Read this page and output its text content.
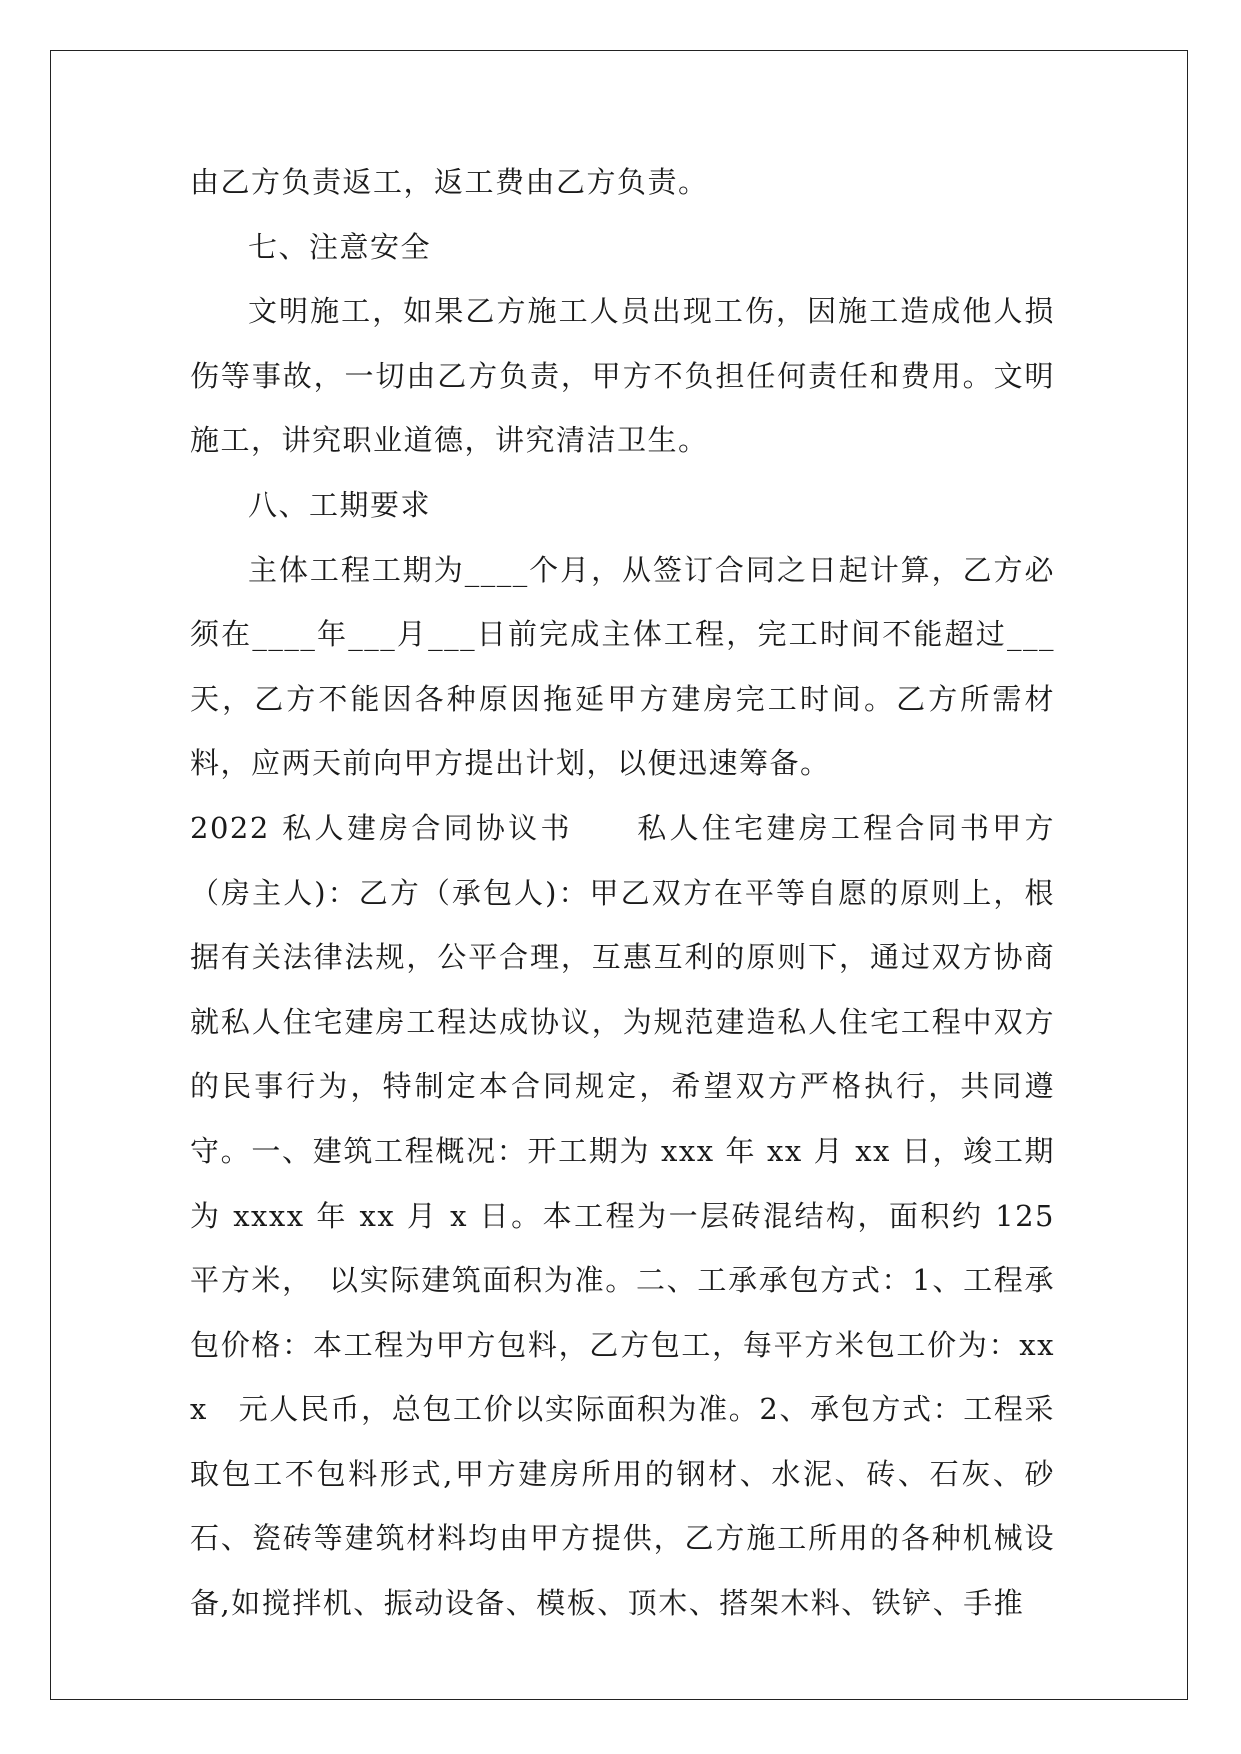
由乙方负责返工，返工费由乙方负责。

七、注意安全

文明施工，如果乙方施工人员出现工伤，因施工造成他人损伤等事故，一切由乙方负责，甲方不负担任何责任和费用。文明施工，讲究职业道德，讲究清洁卫生。

八、工期要求

主体工程工期为____个月，从签订合同之日起计算，乙方必须在____年___月___日前完成主体工程，完工时间不能超过___天，乙方不能因各种原因拖延甲方建房完工时间。乙方所需材料，应两天前向甲方提出计划，以便迅速筹备。

2022 私人建房合同协议书　　私人住宅建房工程合同书甲方（房主人)：乙方（承包人)：甲乙双方在平等自愿的原则上，根据有关法律法规，公平合理，互惠互利的原则下，通过双方协商就私人住宅建房工程达成协议，为规范建造私人住宅工程中双方的民事行为，特制定本合同规定，希望双方严格执行，共同遵守。一、建筑工程概况：开工期为 xxx 年 xx 月 xx 日，竣工期为 xxxx 年 xx 月 x 日。本工程为一层砖混结构，面积约 125 平方米，　以实际建筑面积为准。二、工承承包方式：1、工程承包价格：本工程为甲方包料，乙方包工，每平方米包工价为：xxx　元人民币，总包工价以实际面积为准。2、承包方式：工程采取包工不包料形式,甲方建房所用的钢材、水泥、砖、石灰、砂石、瓷砖等建筑材料均由甲方提供，乙方施工所用的各种机械设备,如搅拌机、振动设备、模板、顶木、搭架木料、铁铲、手推
